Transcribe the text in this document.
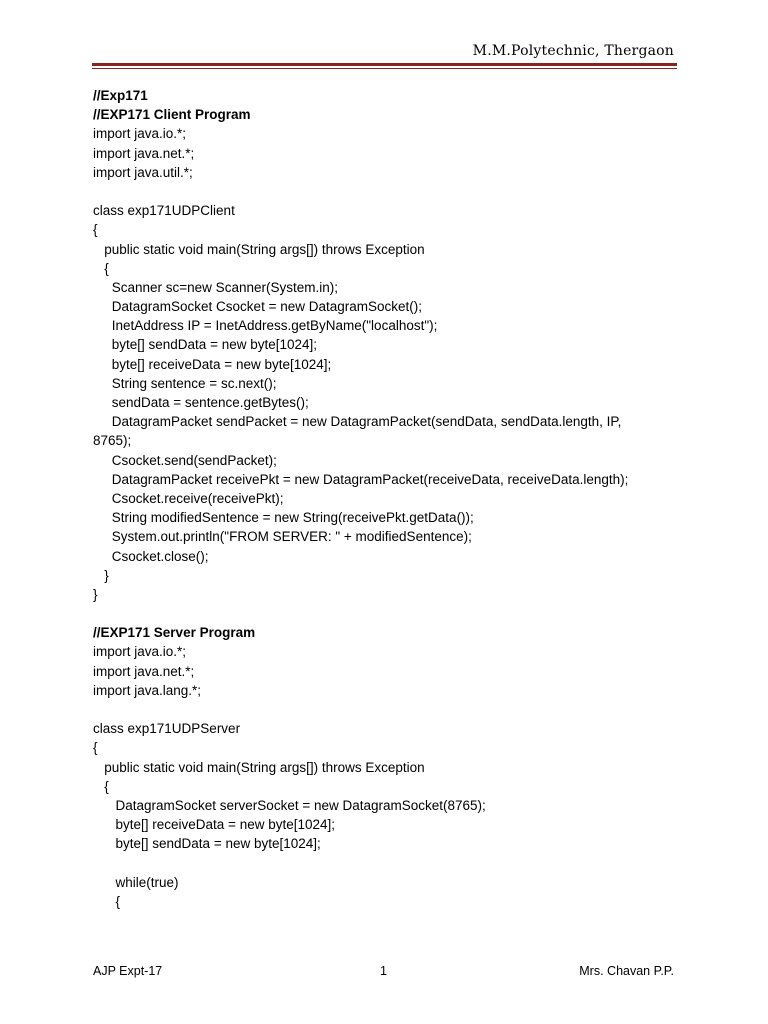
M.M.Polytechnic, Thergaon
//Exp171
//EXP171 Client Program
import java.io.*;
import java.net.*;
import java.util.*;
class exp171UDPClient
{
public static void main(String args[]) throws Exception
{
Scanner sc=new Scanner(System.in);
DatagramSocket Csocket = new DatagramSocket();
InetAddress IP = InetAddress.getByName("localhost");
byte[] sendData = new byte[1024];
byte[] receiveData = new byte[1024];
String sentence = sc.next();
sendData = sentence.getBytes();
DatagramPacket sendPacket = new DatagramPacket(sendData, sendData.length, IP,
8765);
Csocket.send(sendPacket);
DatagramPacket receivePkt = new DatagramPacket(receiveData, receiveData.length);
Csocket.receive(receivePkt);
String modifiedSentence = new String(receivePkt.getData());
System.out.println("FROM SERVER: " + modifiedSentence);
Csocket.close();
}
}
//EXP171 Server Program
import java.io.*;
import java.net.*;
import java.lang.*;
class exp171UDPServer
{
public static void main(String args[]) throws Exception
{
DatagramSocket serverSocket = new DatagramSocket(8765);
byte[] receiveData = new byte[1024];
byte[] sendData = new byte[1024];
while(true)
{
AJP Expt-17	1	Mrs. Chavan P.P.
